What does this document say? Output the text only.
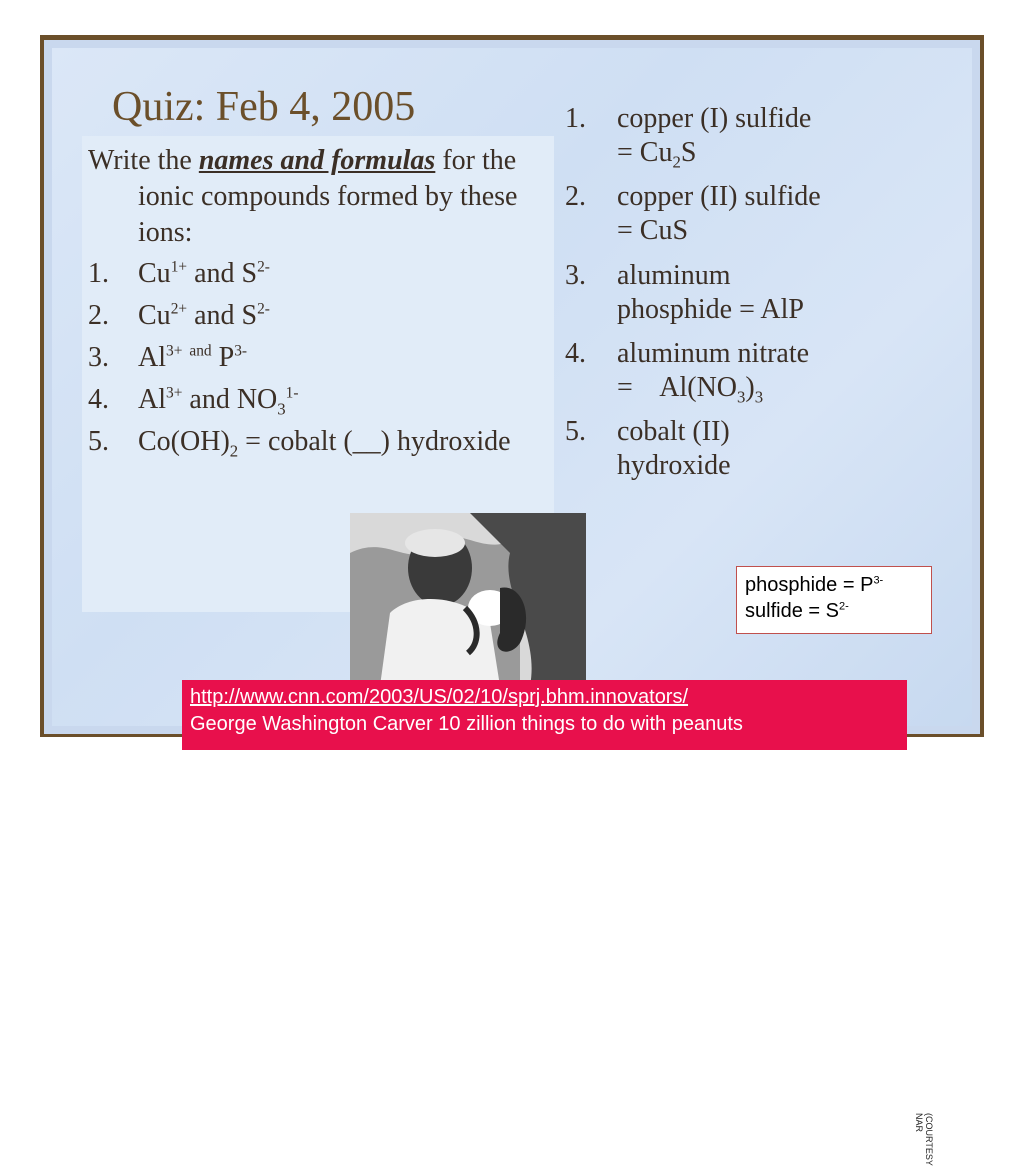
Quiz: Feb 4, 2005
Write the names and formulas for the ionic compounds formed by these ions:
1. $Cu^{1+}$ and $S^{2-}$
2. $Cu^{2+}$ and $S^{2-}$
3. $Al^{3+}$ $^{and}$ $P^{3-}$
4. $Al^{3+}$ and $NO_3^{1-}$
5. $Co(OH)_2$ = cobalt (__) hydroxide
1. copper (I) sulfide
= $Cu_2S$
2. copper (II) sulfide
= CuS
3. aluminum
phosphide = AlP
4. aluminum nitrate
=    $Al(NO_3)_3$
5. cobalt (II)
hydroxide
(COURTESY NAR
phosphide = $P^{3-}$
sulfide = $S^{2-}$
http://www.cnn.com/2003/US/02/10/sprj.bhm.innovators/
George Washington Carver 10 zillion things to do with peanuts
